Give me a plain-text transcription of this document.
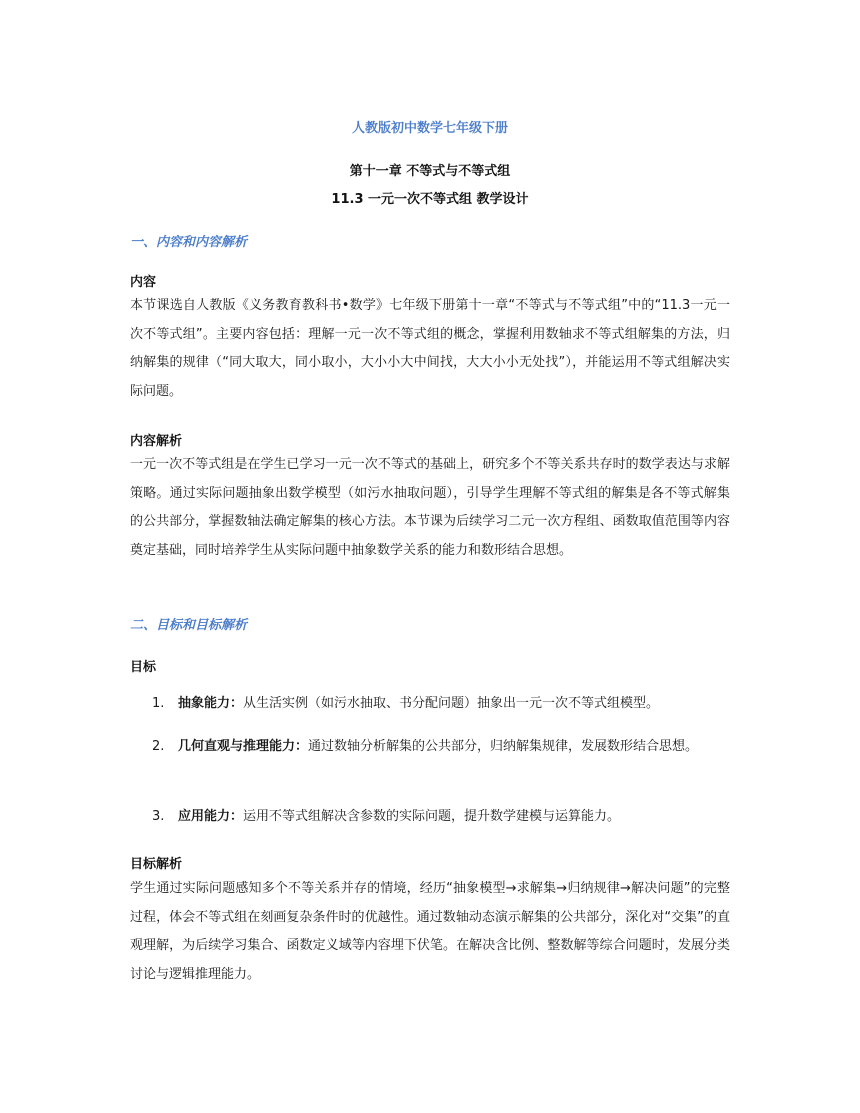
人教版初中数学七年级下册
第十一章 不等式与不等式组
11.3 一元一次不等式组 教学设计
一、内容和内容解析
内容

本节课选自人教版《义务教育教科书•数学》七年级下册第十一章“不等式与不等式组”中的“11.3一元一次不等式组”。主要内容包括：理解一元一次不等式组的概念，掌握利用数轴求不等式组解集的方法，归纳解集的规律（“同大取大，同小取小，大小小大中间找，大大小小无处找”），并能运用不等式组解决实际问题。

内容解析

一元一次不等式组是在学生已学习一元一次不等式的基础上，研究多个不等关系共存时的数学表达与求解策略。通过实际问题抽象出数学模型（如污水抽取问题），引导学生理解不等式组的解集是各不等式解集的公共部分，掌握数轴法确定解集的核心方法。本节课为后续学习二元一次方程组、函数取值范围等内容奠定基础，同时培养学生从实际问题中抽象数学关系的能力和数形结合思想。

二、目标和目标解析
目标
1.	抽象能力：从生活实例（如污水抽取、书分配问题）抽象出一元一次不等式组模型。
2.	几何直观与推理能力：通过数轴分析解集的公共部分，归纳解集规律，发展数形结合思想。
3.	应用能力：运用不等式组解决含参数的实际问题，提升数学建模与运算能力。
目标解析

学生通过实际问题感知多个不等关系并存的情境，经历“抽象模型→求解集→归纳规律→解决问题”的完整过程，体会不等式组在刻画复杂条件时的优越性。通过数轴动态演示解集的公共部分，深化对“交集”的直观理解，为后续学习集合、函数定义域等内容埋下伏笔。在解决含比例、整数解等综合问题时，发展分类讨论与逻辑推理能力。
